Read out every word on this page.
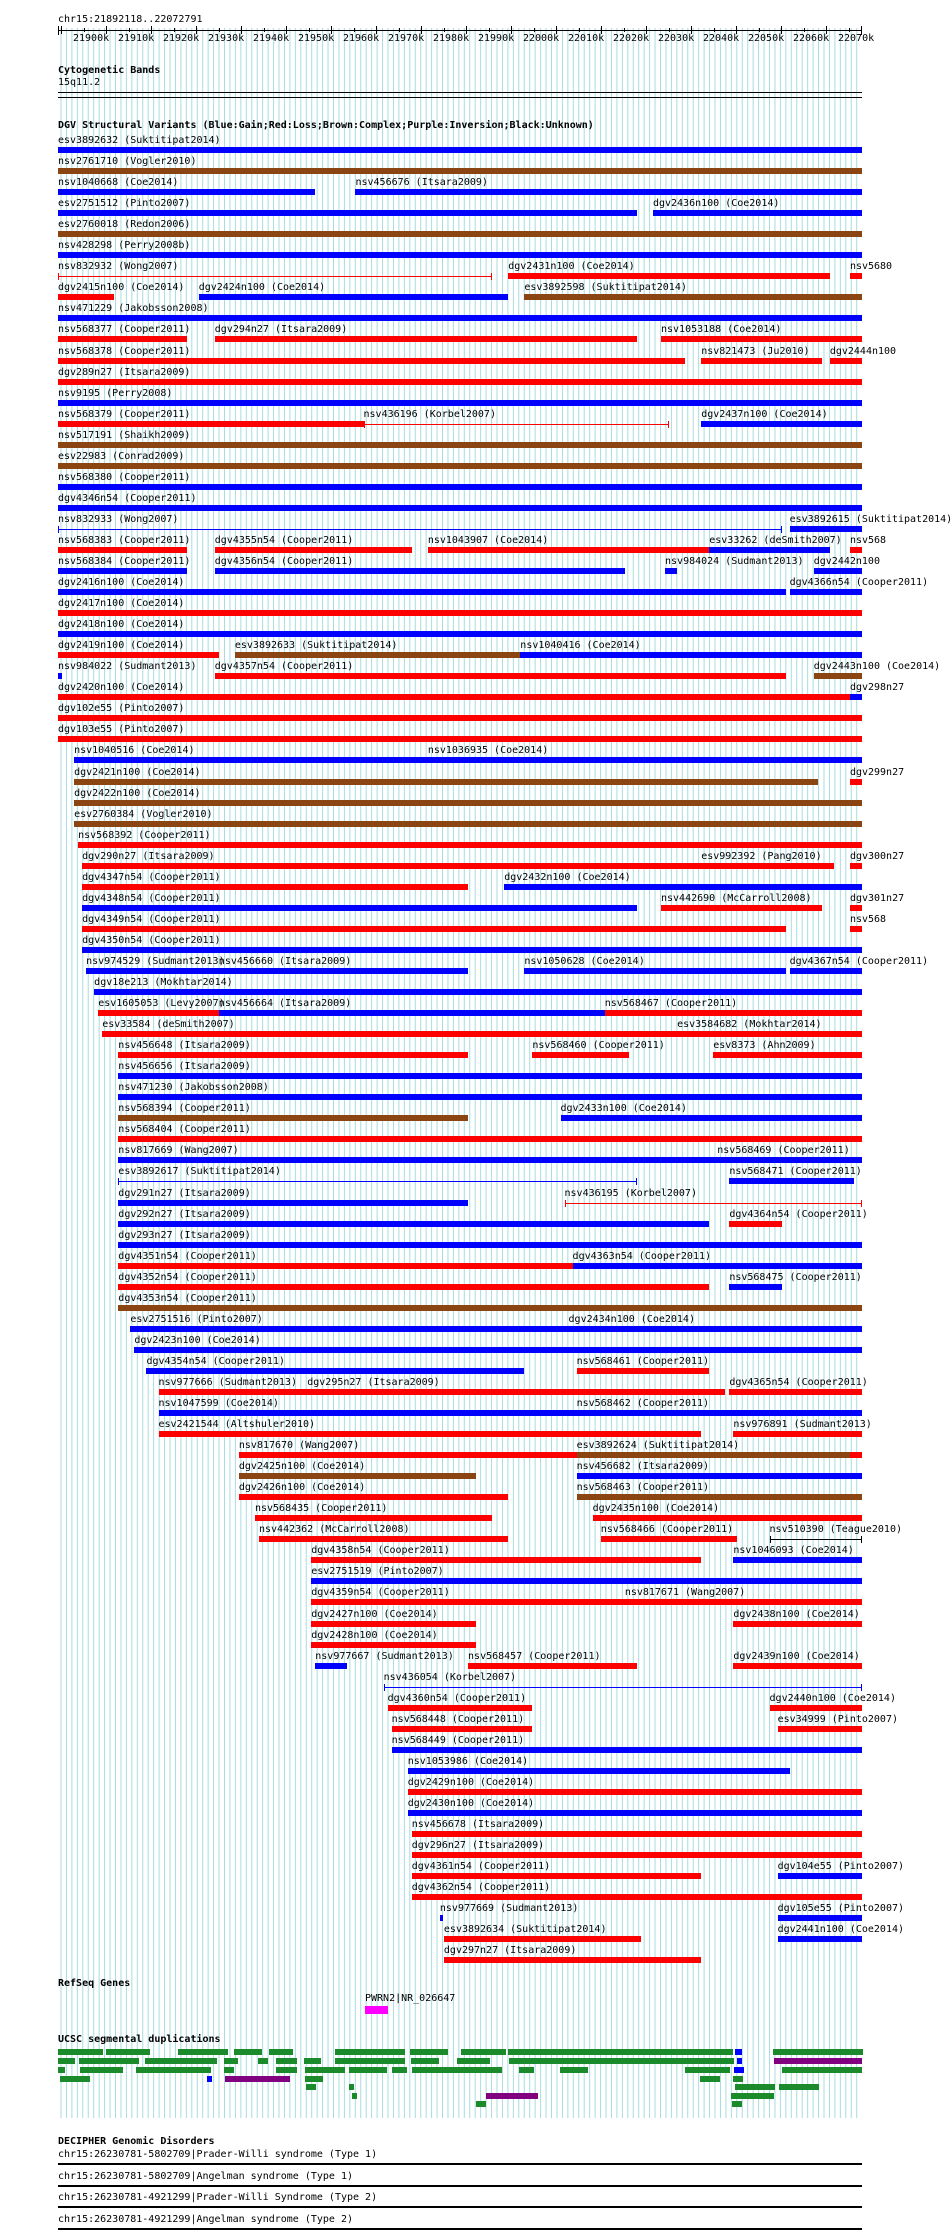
chr15:21892118..22072791
21900k 21910k 21920k 21930k 21940k 21950k 21960k 21970k 21980k 21990k 22000k 22010k 22020k 22030k 22040k 22050k 22060k 22070k
Cytogenetic Bands
15q11.2
DGV Structural Variants (Blue:Gain;Red:Loss;Brown:Complex;Purple:Inversion;Black:Unknown)
esv3892632 (Suktitipat2014)
nsv2761710 (Vogler2010)
nsv1040668 (Coe2014)	nsv456676 (Itsara2009)
esv2751512 (Pinto2007)	dgv2436n100 (Coe2014)
esv2760018 (Redon2006)
nsv428298 (Perry2008b)
nsv832932 (Wong2007)	dgv2431n100 (Coe2014)	nsv5680
dgv2415n100 (Coe2014) dgv2424n100 (Coe2014)	esv3892598 (Suktitipat2014)
nsv471229 (Jakobsson2008)
nsv568377 (Cooper2011) dgv294n27 (Itsara2009)	nsv1053188 (Coe2014)
nsv568378 (Cooper2011)	nsv821473 (Ju2010) dgv2444n100
dgv289n27 (Itsara2009)
nsv9195 (Perry2008)
nsv568379 (Cooper2011)	nsv436196 (Korbel2007)	dgv2437n100 (Coe2014)
nsv517191 (Shaikh2009)
esv22983 (Conrad2009)
nsv568380 (Cooper2011)
dgv4346n54 (Cooper2011)
nsv832933 (Wong2007)	esv3892615 (Suktitipat2014)
nsv568383 (Cooper2011) dgv4355n54 (Cooper2011)	nsv1043907 (Coe2014)	esv33262 (deSmith2007) nsv568
nsv568384 (Cooper2011) dgv4356n54 (Cooper2011)	nsv984024 (Sudmant2013) dgv2442n100
dgv2416n100 (Coe2014)	dgv4366n54 (Cooper2011)
dgv2417n100 (Coe2014)
dgv2418n100 (Coe2014)
dgv2419n100 (Coe2014)	esv3892633 (Suktitipat2014)	nsv1040416 (Coe2014)
nsv984022 (Sudmant2013) dgv4357n54 (Cooper2011)	dgv2443n100 (Coe2014)
dgv2420n100 (Coe2014)	dgv298n27
dgv102e55 (Pinto2007)
dgv103e55 (Pinto2007)
nsv1040516 (Coe2014)	nsv1036935 (Coe2014)
dgv2421n100 (Coe2014)	dgv299n27
dgv2422n100 (Coe2014)
esv2760384 (Vogler2010)
nsv568392 (Cooper2011)
dgv290n27 (Itsara2009)	esv992392 (Pang2010)	dgv300n27
dgv4347n54 (Cooper2011)	dgv2432n100 (Coe2014)
dgv4348n54 (Cooper2011)	nsv442690 (McCarroll2008)	dgv301n27
dgv4349n54 (Cooper2011)	nsv568
dgv4350n54 (Cooper2011)
nsv974529 (Sudmant2013)
nsv456660 (Itsara2009)	nsv1050628 (Coe2014)	dgv4367n54 (Cooper2011)
dgv18e213 (Mokhtar2014)
esv1605053 (Levy2007)
nsv456664 (Itsara2009)	nsv568467 (Cooper2011)
esv33584 (deSmith2007)	esv3584682 (Mokhtar2014)
nsv456648 (Itsara2009)	nsv568460 (Cooper2011)	esv8373 (Ahn2009)
nsv456656 (Itsara2009)
nsv471230 (Jakobsson2008)
nsv568394 (Cooper2011)	dgv2433n100 (Coe2014)
nsv568404 (Cooper2011)
nsv817669 (Wang2007)	nsv568469 (Cooper2011)
esv3892617 (Suktitipat2014)	nsv568471 (Cooper2011)
dgv291n27 (Itsara2009)	nsv436195 (Korbel2007)
dgv292n27 (Itsara2009)	dgv4364n54 (Cooper2011)
dgv293n27 (Itsara2009)
dgv4351n54 (Cooper2011)	dgv4363n54 (Cooper2011)
dgv4352n54 (Cooper2011)	nsv568475 (Cooper2011)
dgv4353n54 (Cooper2011)
esv2751516 (Pinto2007)	dgv2434n100 (Coe2014)
dgv2423n100 (Coe2014)
dgv4354n54 (Cooper2011)	nsv568461 (Cooper2011)
nsv977666 (Sudmant2013) dgv295n27 (Itsara2009)	dgv4365n54 (Cooper2011)
nsv1047599 (Coe2014)	nsv568462 (Cooper2011)
esv2421544 (Altshuler2010)	nsv976891 (Sudmant2013)
nsv817670 (Wang2007)	esv3892624 (Suktitipat2014)
dgv2425n100 (Coe2014)	nsv456682 (Itsara2009)
dgv2426n100 (Coe2014)	nsv568463 (Cooper2011)
nsv568435 (Cooper2011)	dgv2435n100 (Coe2014)
nsv442362 (McCarroll2008)	nsv568466 (Cooper2011)	nsv510390 (Teague2010)
dgv4358n54 (Cooper2011)	nsv1046093 (Coe2014)
esv2751519 (Pinto2007)
dgv4359n54 (Cooper2011)	nsv817671 (Wang2007)
dgv2427n100 (Coe2014)	dgv2438n100 (Coe2014)
dgv2428n100 (Coe2014)
nsv977667 (Sudmant2013) nsv568457 (Cooper2011)	dgv2439n100 (Coe2014)
nsv436054 (Korbel2007)
dgv4360n54 (Cooper2011)	dgv2440n100 (Coe2014)
nsv568448 (Cooper2011)	esv34999 (Pinto2007)
nsv568449 (Cooper2011)
nsv1053986 (Coe2014)
dgv2429n100 (Coe2014)
dgv2430n100 (Coe2014)
nsv456678 (Itsara2009)
dgv296n27 (Itsara2009)
dgv4361n54 (Cooper2011)	dgv104e55 (Pinto2007)
dgv4362n54 (Cooper2011)
nsv977669 (Sudmant2013)	dgv105e55 (Pinto2007)
esv3892634 (Suktitipat2014)	dgv2441n100 (Coe2014)
dgv297n27 (Itsara2009)
RefSeq Genes
PWRN2|NR_026647
UCSC segmental duplications
DECIPHER Genomic Disorders
chr15:26230781-5802709|Prader-Willi syndrome (Type 1)
chr15:26230781-5802709|Angelman syndrome (Type 1)
chr15:26230781-4921299|Prader-Willi Syndrome (Type 2)
chr15:26230781-4921299|Angelman syndrome (Type 2)
